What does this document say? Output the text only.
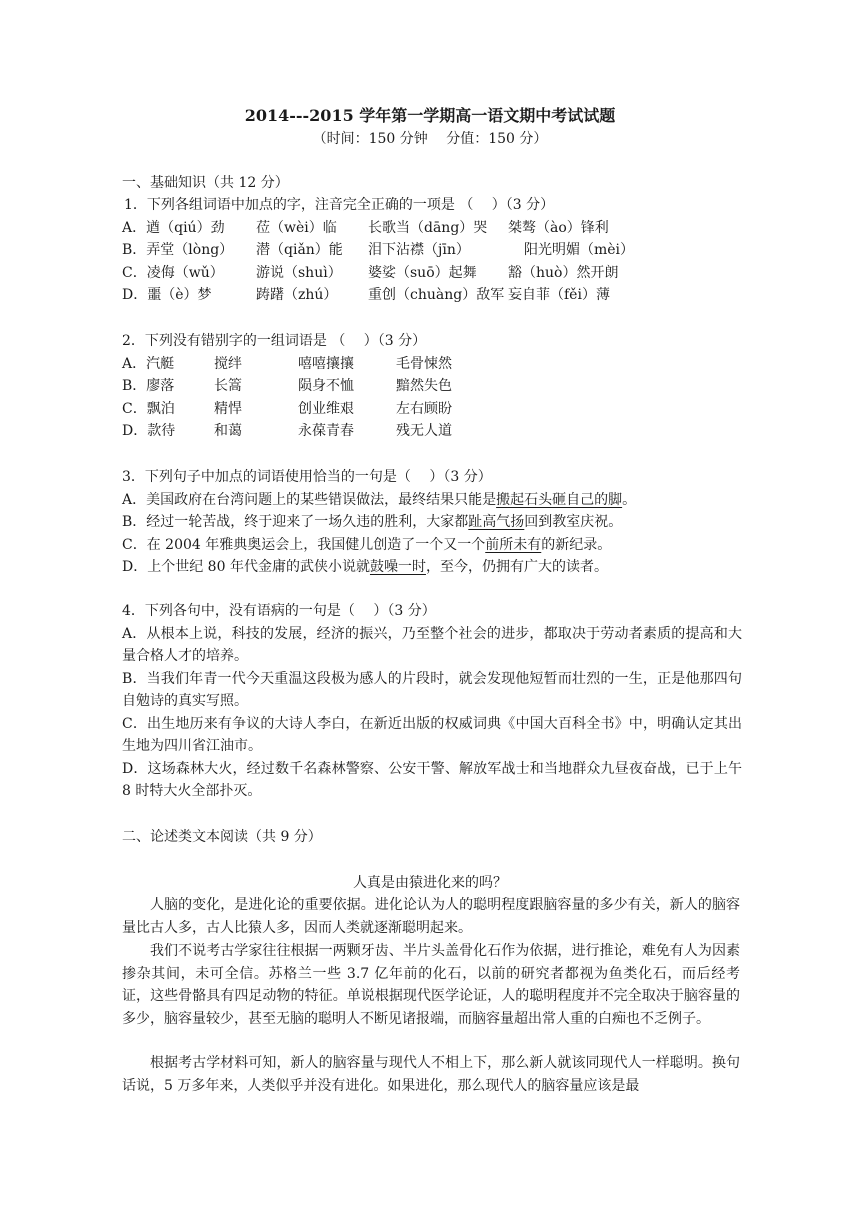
2014---2015 学年第一学期高一语文期中考试试题
（时间：150 分钟　 分值：150 分）
一、基础知识（共 12 分）
1．下列各组词语中加点的字，注音完全正确的一项是 （　 ）（3 分）
A．遒（qiú）劲 莅（wèi）临 长歌当（dāng）哭 桀骜（ào）锋利
B．弄堂（lòng） 潜（qiǎn）能 泪下沾襟（jīn）	阳光明媚（mèi）
C．凌侮（wǔ） 游说（shuì） 婆娑（suō）起舞 豁（huò）然开朗
D．噩（è）梦	踌躇（zhú） 重创（chuàng）敌军 妄自菲（fěi）薄
2．下列没有错别字的一组词语是 （　 ）（3 分）
A．汽艇	搅绊	嘻嘻攘攘	毛骨悚然
B．廖落	长篙	陨身不恤	黯然失色
C．飘泊	精悍	创业维艰	左右顾盼
D．款待	和蔼	永葆青春	残无人道
3．下列句子中加点的词语使用恰当的一句是（　 ）（3 分）
A．美国政府在台湾问题上的某些错误做法，最终结果只能是搬起石头砸自己的脚。
B．经过一轮苦战，终于迎来了一场久违的胜利，大家都趾高气扬回到教室庆祝。
C．在 2004 年雅典奥运会上，我国健儿创造了一个又一个前所未有的新纪录。
D．上个世纪 80 年代金庸的武侠小说就鼓噪一时，至今，仍拥有广大的读者。
4．下列各句中，没有语病的一句是（　 ）（3 分）
A．从根本上说，科技的发展，经济的振兴，乃至整个社会的进步，都取决于劳动者素质的提高和大量合格人才的培养。
B．当我们年青一代今天重温这段极为感人的片段时，就会发现他短暂而壮烈的一生，正是他那四句自勉诗的真实写照。
C．出生地历来有争议的大诗人李白，在新近出版的权威词典《中国大百科全书》中，明确认定其出生地为四川省江油市。
D．这场森林大火，经过数千名森林警察、公安干警、解放军战士和当地群众九昼夜奋战，已于上午 8 时特大火全部扑灭。
二、论述类文本阅读（共 9 分）
人真是由猿进化来的吗？
人脑的变化，是进化论的重要依据。进化论认为人的聪明程度跟脑容量的多少有关，新人的脑容量比古人多，古人比猿人多，因而人类就逐渐聪明起来。
我们不说考古学家往往根据一两颗牙齿、半片头盖骨化石作为依据，进行推论，难免有人为因素掺杂其间，未可全信。苏格兰一些 3.7 亿年前的化石，以前的研究者都视为鱼类化石，而后经考证，这些骨骼具有四足动物的特征。单说根据现代医学论证，人的聪明程度并不完全取决于脑容量的多少，脑容量较少，甚至无脑的聪明人不断见诸报端，而脑容量超出常人重的白痴也不乏例子。
根据考古学材料可知，新人的脑容量与现代人不相上下，那么新人就该同现代人一样聪明。换句话说，5 万多年来，人类似乎并没有进化。如果进化，那么现代人的脑容量应该是最
